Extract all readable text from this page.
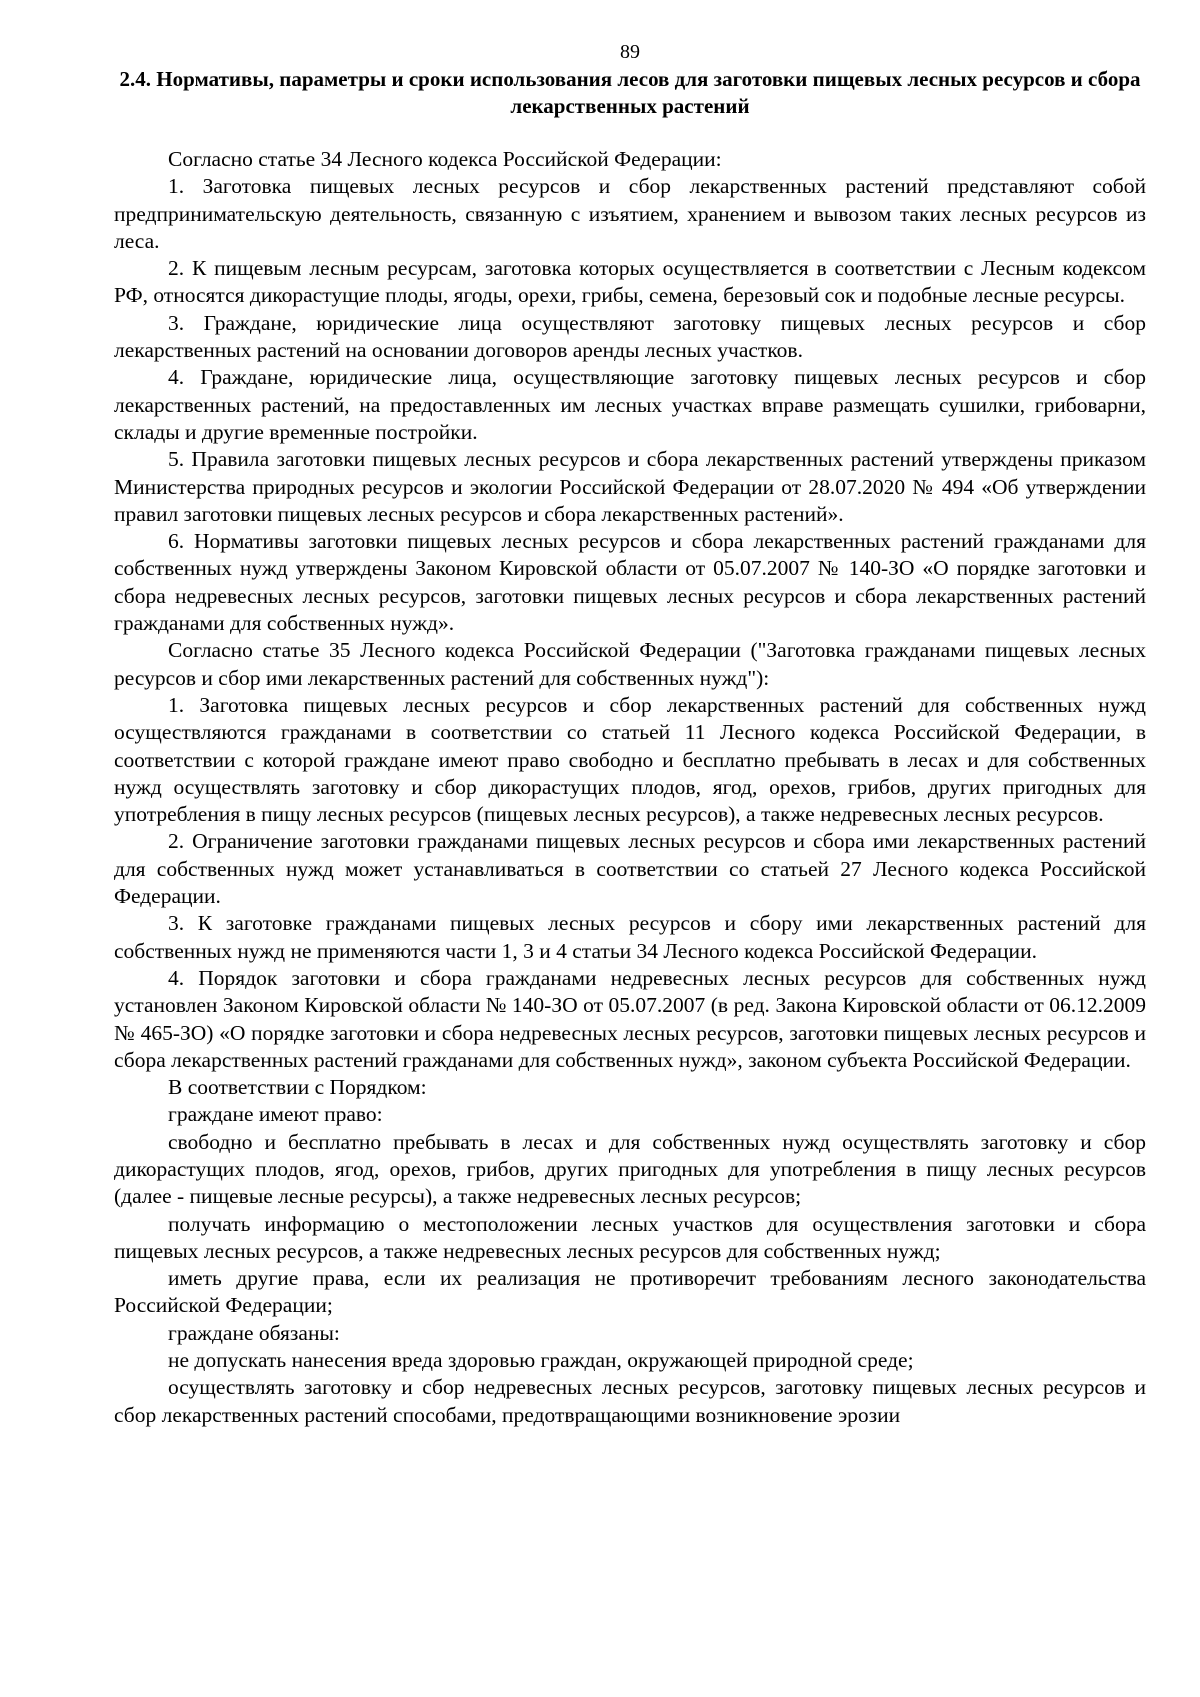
89
2.4. Нормативы, параметры и сроки использования лесов для заготовки пищевых лесных ресурсов и сбора лекарственных растений

Согласно статье 34 Лесного кодекса Российской Федерации:

1. Заготовка пищевых лесных ресурсов и сбор лекарственных растений представляют собой предпринимательскую деятельность, связанную с изъятием, хранением и вывозом таких лесных ресурсов из леса.

2. К пищевым лесным ресурсам, заготовка которых осуществляется в соответствии с Лесным кодексом РФ, относятся дикорастущие плоды, ягоды, орехи, грибы, семена, березовый сок и подобные лесные ресурсы.

3. Граждане, юридические лица осуществляют заготовку пищевых лесных ресурсов и сбор лекарственных растений на основании договоров аренды лесных участков.

4. Граждане, юридические лица, осуществляющие заготовку пищевых лесных ресурсов и сбор лекарственных растений, на предоставленных им лесных участках вправе размещать сушилки, грибоварни, склады и другие временные постройки.

5. Правила заготовки пищевых лесных ресурсов и сбора лекарственных растений утверждены приказом Министерства природных ресурсов и экологии Российской Федерации от 28.07.2020 № 494 «Об утверждении правил заготовки пищевых лесных ресурсов и сбора лекарственных растений».

6. Нормативы заготовки пищевых лесных ресурсов и сбора лекарственных растений гражданами для собственных нужд утверждены Законом Кировской области от 05.07.2007 № 140-ЗО «О порядке заготовки и сбора недревесных лесных ресурсов, заготовки пищевых лесных ресурсов и сбора лекарственных растений гражданами для собственных нужд».

Согласно статье 35 Лесного кодекса Российской Федерации ("Заготовка гражданами пищевых лесных ресурсов и сбор ими лекарственных растений для собственных нужд"):

1. Заготовка пищевых лесных ресурсов и сбор лекарственных растений для собственных нужд осуществляются гражданами в соответствии со статьей 11 Лесного кодекса Российской Федерации, в соответствии с которой граждане имеют право свободно и бесплатно пребывать в лесах и для собственных нужд осуществлять заготовку и сбор дикорастущих плодов, ягод, орехов, грибов, других пригодных для употребления в пищу лесных ресурсов (пищевых лесных ресурсов), а также недревесных лесных ресурсов.

2. Ограничение заготовки гражданами пищевых лесных ресурсов и сбора ими лекарственных растений для собственных нужд может устанавливаться в соответствии со статьей 27 Лесного кодекса Российской Федерации.

3. К заготовке гражданами пищевых лесных ресурсов и сбору ими лекарственных растений для собственных нужд не применяются части 1, 3 и 4 статьи 34 Лесного кодекса Российской Федерации.

4. Порядок заготовки и сбора гражданами недревесных лесных ресурсов для собственных нужд установлен Законом Кировской области № 140-ЗО от 05.07.2007 (в ред. Закона Кировской области от 06.12.2009 № 465-ЗО) «О порядке заготовки и сбора недревесных лесных ресурсов, заготовки пищевых лесных ресурсов и сбора лекарственных растений гражданами для собственных нужд», законом субъекта Российской Федерации.

В соответствии с Порядком:

граждане имеют право:

свободно и бесплатно пребывать в лесах и для собственных нужд осуществлять заготовку и сбор дикорастущих плодов, ягод, орехов, грибов, других пригодных для употребления в пищу лесных ресурсов (далее - пищевые лесные ресурсы), а также недревесных лесных ресурсов;

получать информацию о местоположении лесных участков для осуществления заготовки и сбора пищевых лесных ресурсов, а также недревесных лесных ресурсов для собственных нужд;

иметь другие права, если их реализация не противоречит требованиям лесного законодательства Российской Федерации;

граждане обязаны:

не допускать нанесения вреда здоровью граждан, окружающей природной среде;

осуществлять заготовку и сбор недревесных лесных ресурсов, заготовку пищевых лесных ресурсов и сбор лекарственных растений способами, предотвращающими возникновение эрозии
